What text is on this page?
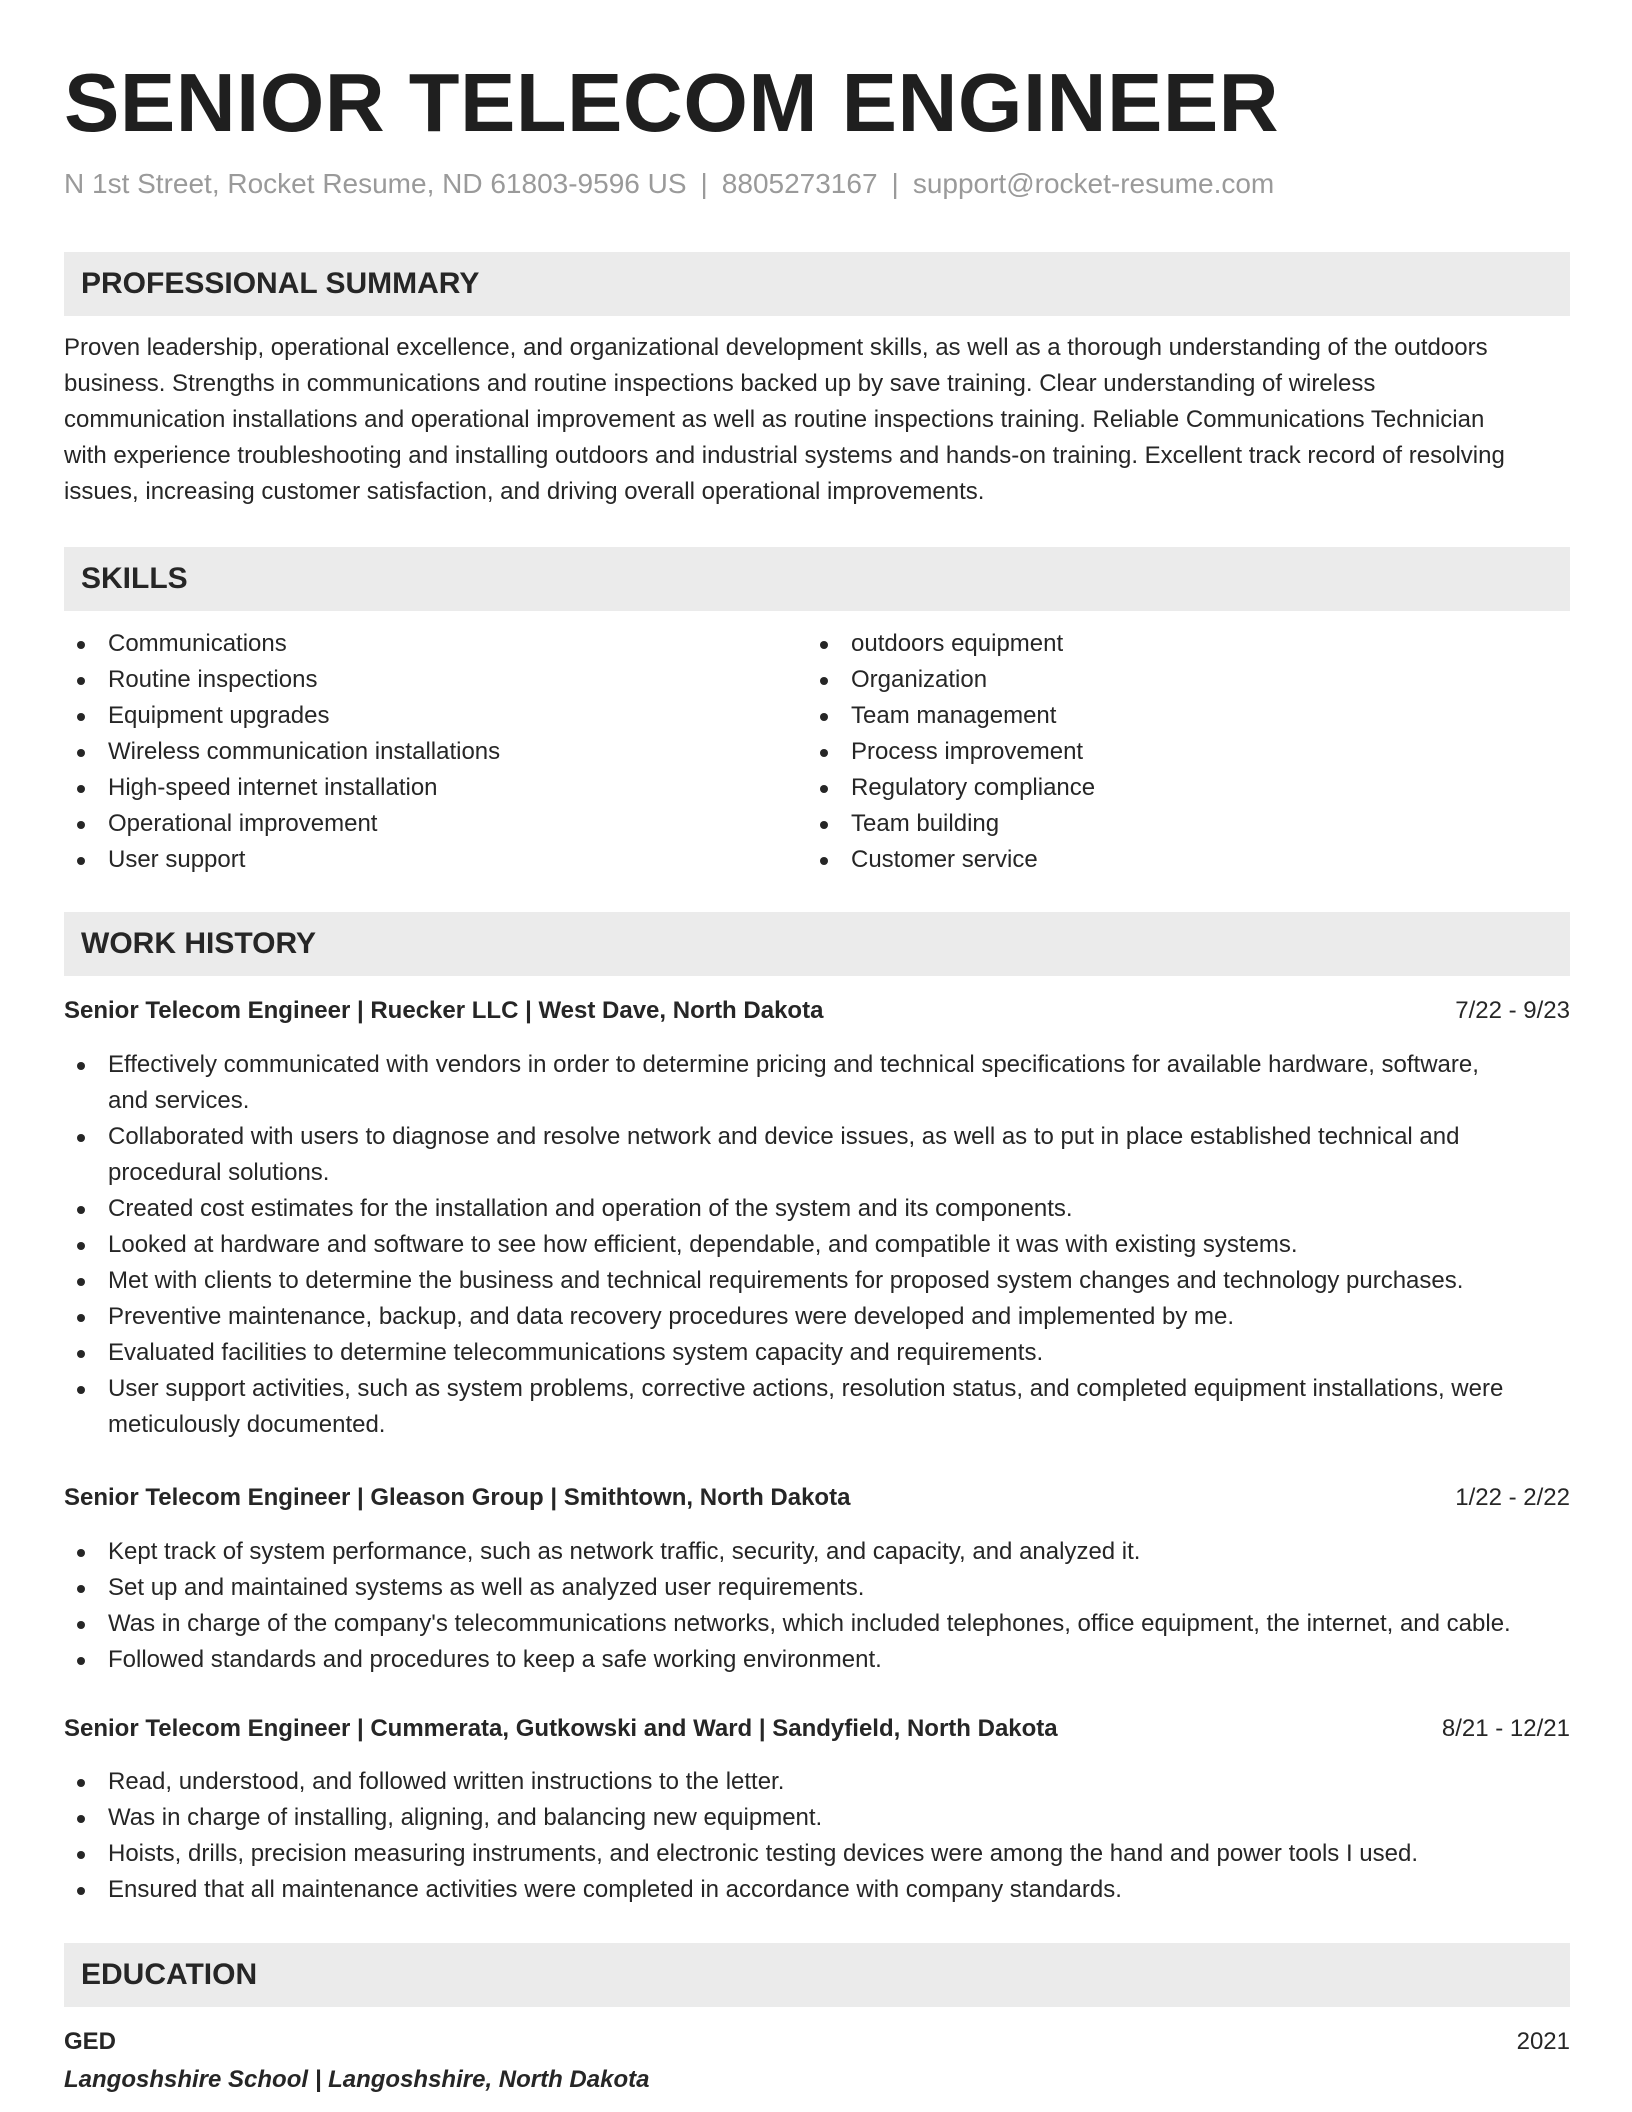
SENIOR TELECOM ENGINEER
N 1st Street, Rocket Resume, ND 61803-9596 US | 8805273167 | support@rocket-resume.com
PROFESSIONAL SUMMARY
Proven leadership, operational excellence, and organizational development skills, as well as a thorough understanding of the outdoors
business. Strengths in communications and routine inspections backed up by save training. Clear understanding of wireless
communication installations and operational improvement as well as routine inspections training. Reliable Communications Technician
with experience troubleshooting and installing outdoors and industrial systems and hands-on training. Excellent track record of resolving
issues, increasing customer satisfaction, and driving overall operational improvements.
SKILLS
Communications
Routine inspections
Equipment upgrades
Wireless communication installations
High-speed internet installation
Operational improvement
User support
outdoors equipment
Organization
Team management
Process improvement
Regulatory compliance
Team building
Customer service
WORK HISTORY
Senior Telecom Engineer | Ruecker LLC | West Dave, North Dakota	7/22 - 9/23
Effectively communicated with vendors in order to determine pricing and technical specifications for available hardware, software,
and services.
Collaborated with users to diagnose and resolve network and device issues, as well as to put in place established technical and
procedural solutions.
Created cost estimates for the installation and operation of the system and its components.
Looked at hardware and software to see how efficient, dependable, and compatible it was with existing systems.
Met with clients to determine the business and technical requirements for proposed system changes and technology purchases.
Preventive maintenance, backup, and data recovery procedures were developed and implemented by me.
Evaluated facilities to determine telecommunications system capacity and requirements.
User support activities, such as system problems, corrective actions, resolution status, and completed equipment installations, were
meticulously documented.
Senior Telecom Engineer | Gleason Group | Smithtown, North Dakota	1/22 - 2/22
Kept track of system performance, such as network traffic, security, and capacity, and analyzed it.
Set up and maintained systems as well as analyzed user requirements.
Was in charge of the company's telecommunications networks, which included telephones, office equipment, the internet, and cable.
Followed standards and procedures to keep a safe working environment.
Senior Telecom Engineer | Cummerata, Gutkowski and Ward | Sandyfield, North Dakota	8/21 - 12/21
Read, understood, and followed written instructions to the letter.
Was in charge of installing, aligning, and balancing new equipment.
Hoists, drills, precision measuring instruments, and electronic testing devices were among the hand and power tools I used.
Ensured that all maintenance activities were completed in accordance with company standards.
EDUCATION
GED	2021
Langoshshire School | Langoshshire, North Dakota
